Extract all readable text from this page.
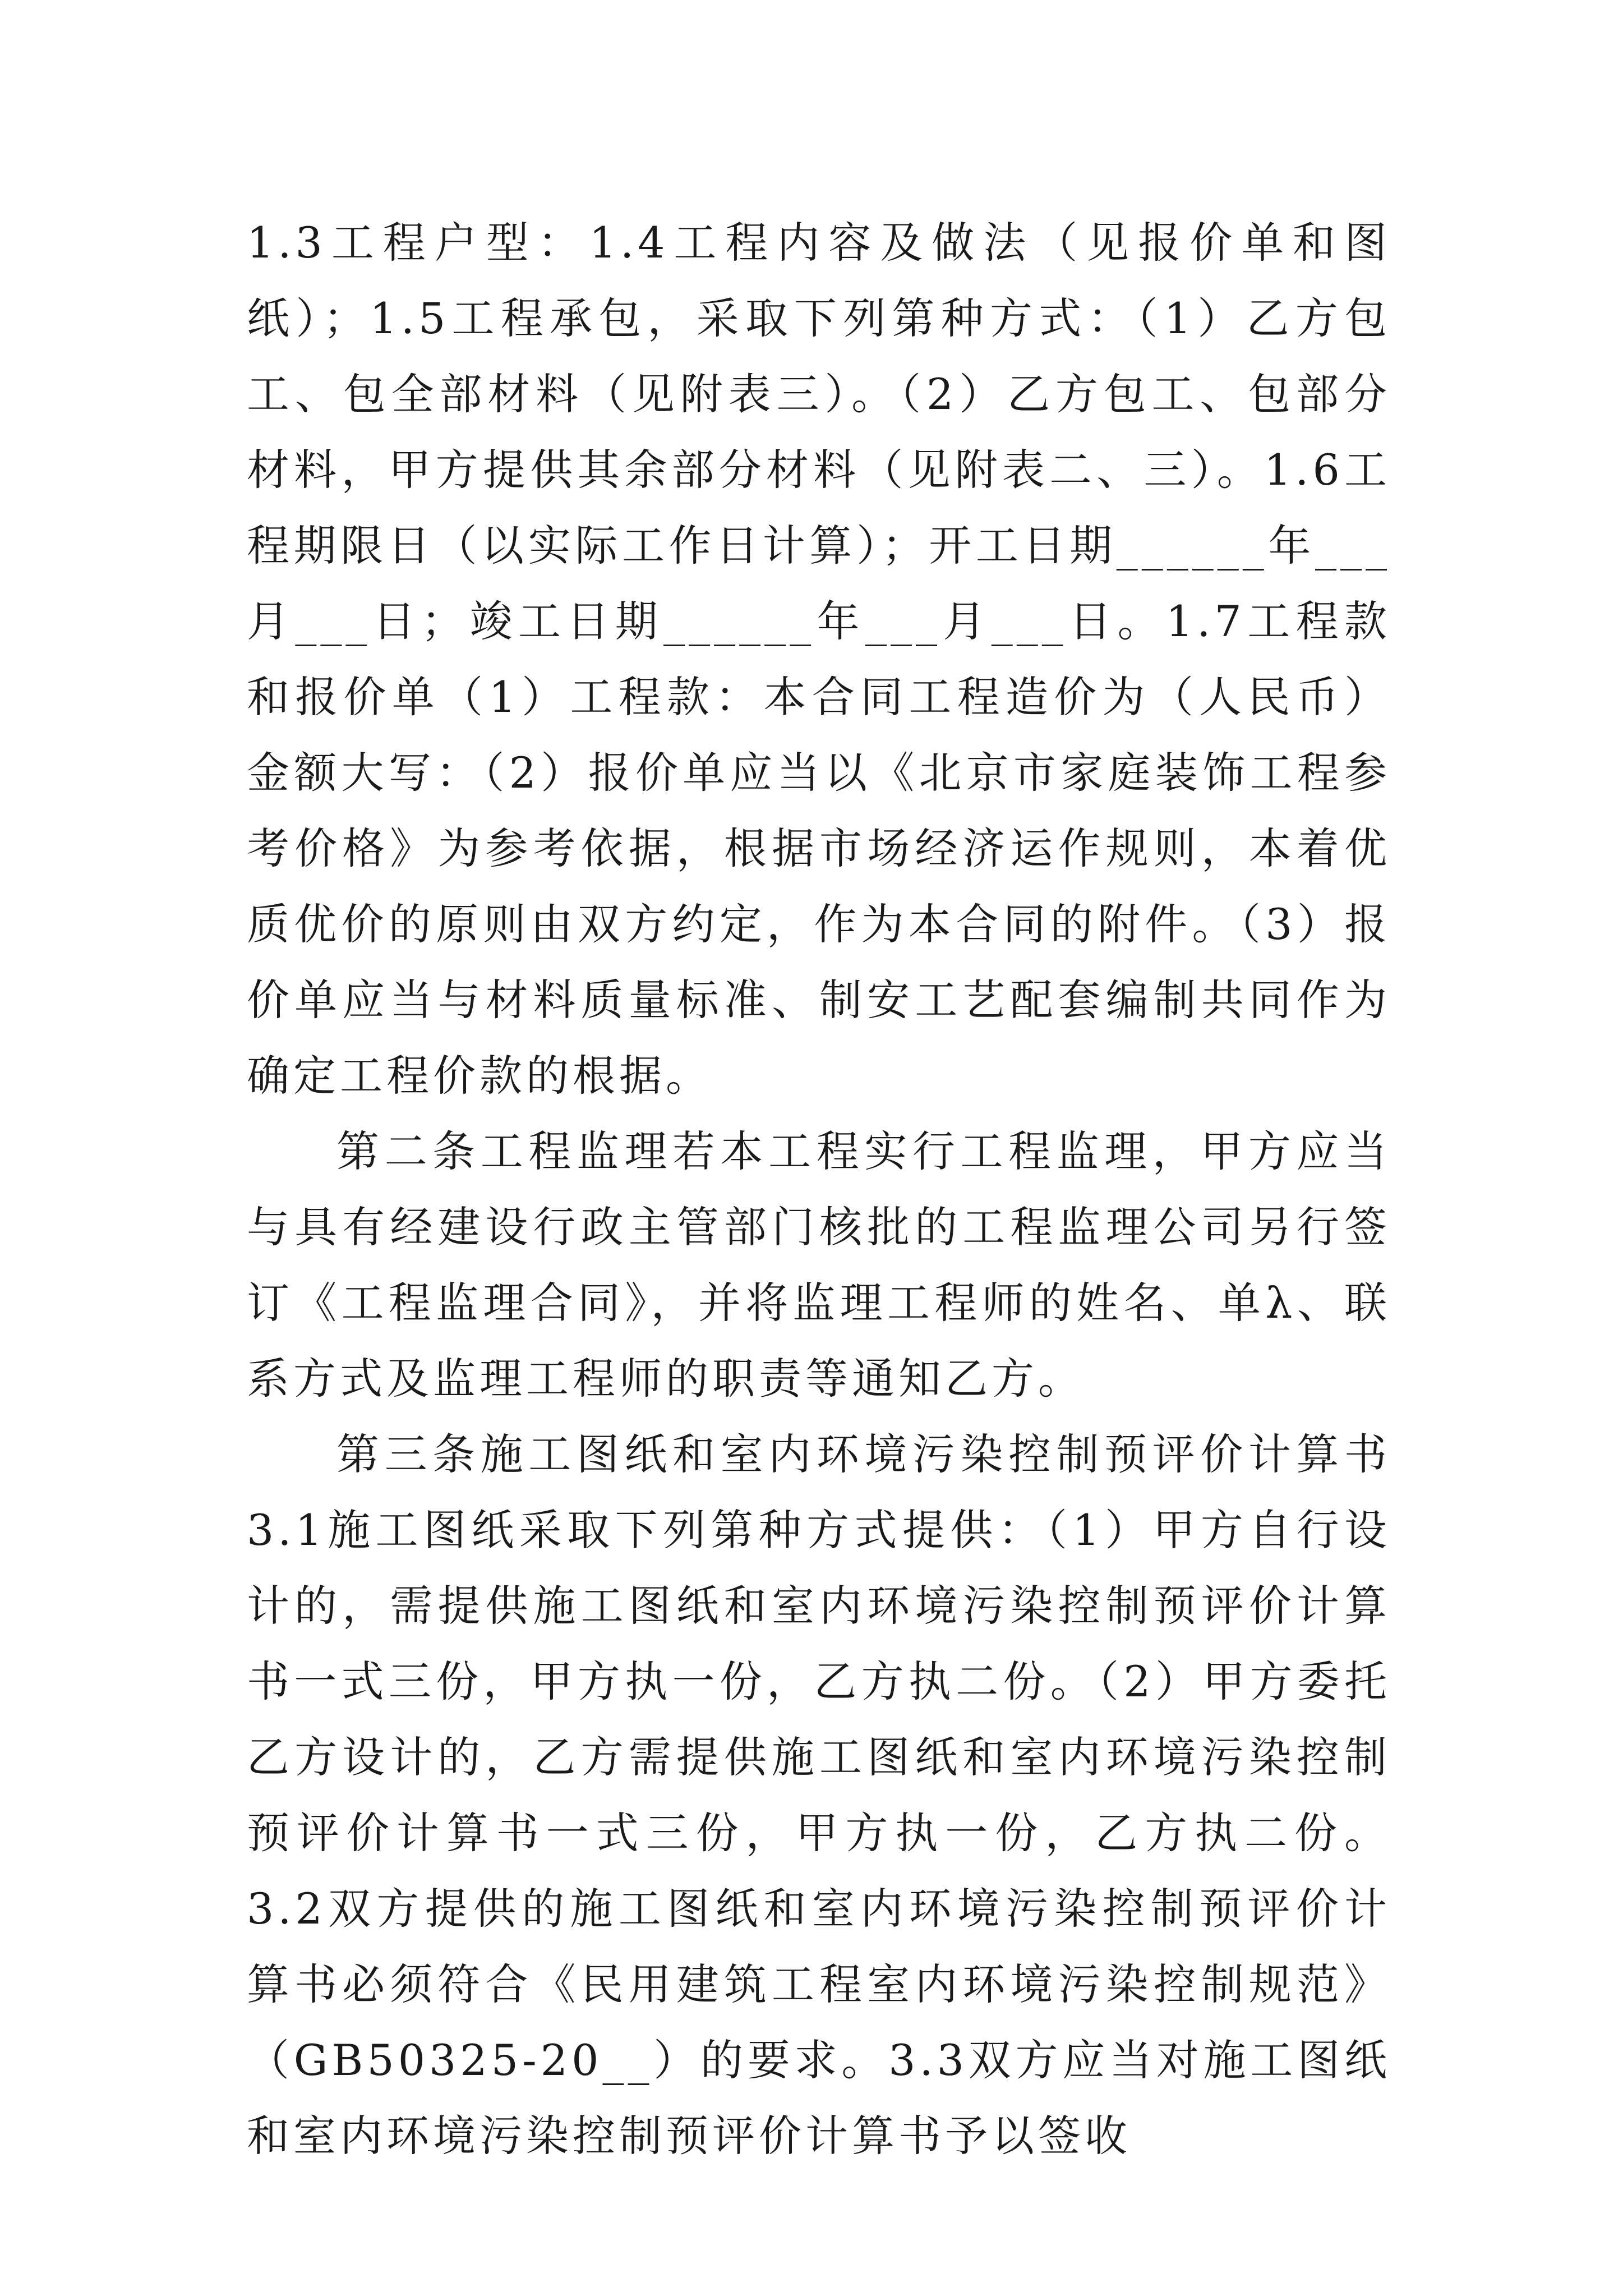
1.3工程户型：1.4工程内容及做法（见报价单和图纸）；1.5工程承包，采取下列第种方式：（1）乙方包工、包全部材料（见附表三）。（2）乙方包工、包部分材料，甲方提供其余部分材料（见附表二、三）。1.6工程期限日（以实际工作日计算）；开工日期______年___月___日；竣工日期______年___月___日。1.7工程款和报价单（1）工程款：本合同工程造价为（人民币）金额大写：（2）报价单应当以《北京市家庭装饰工程参考价格》为参考依据，根据市场经济运作规则，本着优质优价的原则由双方约定，作为本合同的附件。（3）报价单应当与材料质量标准、制安工艺配套编制共同作为确定工程价款的根据。

第二条工程监理若本工程实行工程监理，甲方应当与具有经建设行政主管部门核批的工程监理公司另行签订《工程监理合同》，并将监理工程师的姓名、单λ、联系方式及监理工程师的职责等通知乙方。

第三条施工图纸和室内环境污染控制预评价计算书3.1施工图纸采取下列第种方式提供：（1）甲方自行设计的，需提供施工图纸和室内环境污染控制预评价计算书一式三份，甲方执一份，乙方执二份。（2）甲方委托乙方设计的，乙方需提供施工图纸和室内环境污染控制预评价计算书一式三份，甲方执一份，乙方执二份。3.2双方提供的施工图纸和室内环境污染控制预评价计算书必须符合《民用建筑工程室内环境污染控制规范》（GB50325-20__）的要求。3.3双方应当对施工图纸和室内环境污染控制预评价计算书予以签收
